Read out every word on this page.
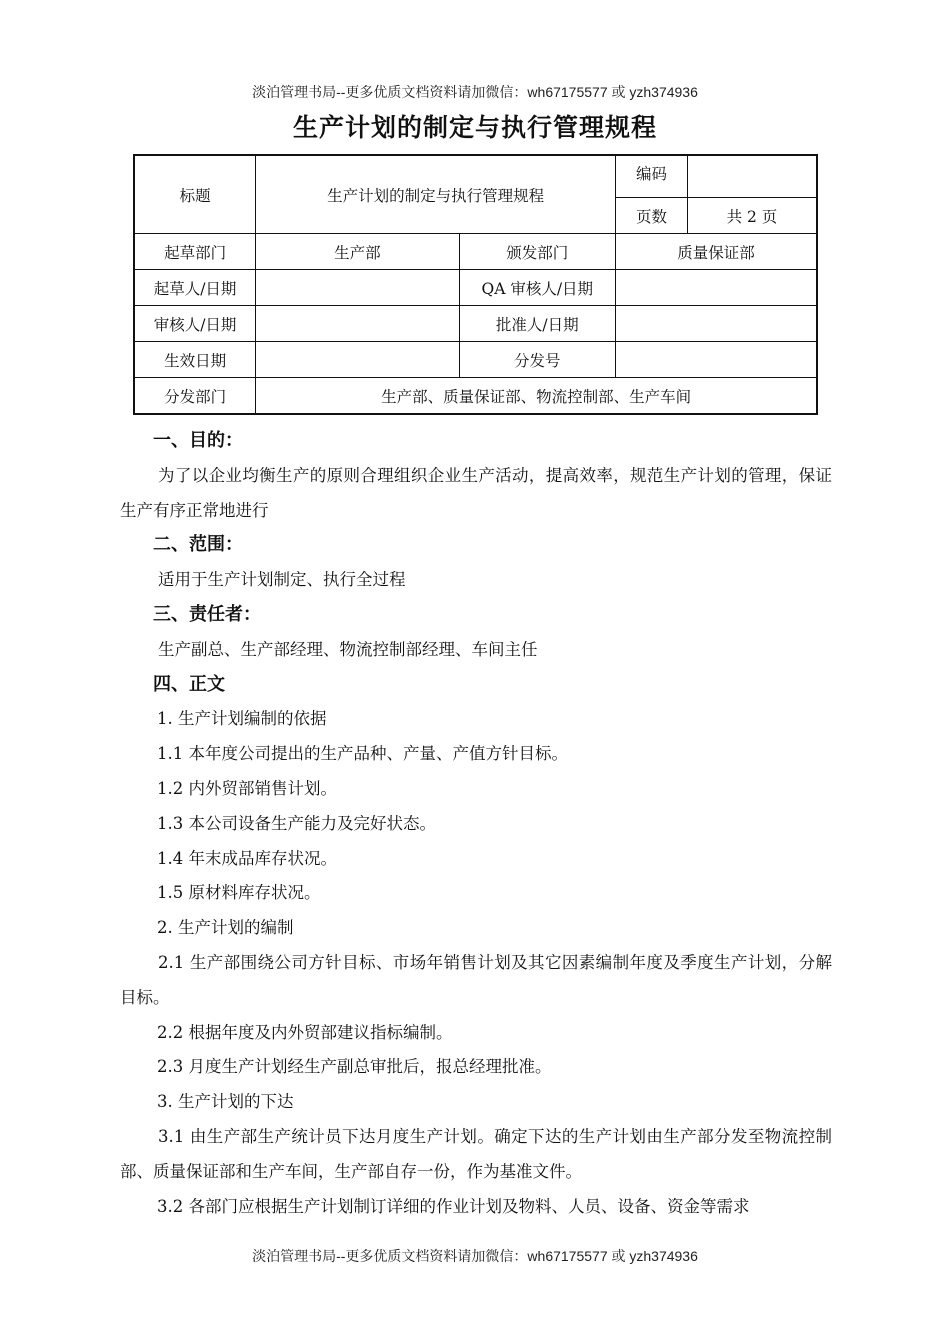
淡泊管理书局--更多优质文档资料请加微信：wh67175577 或 yzh374936
生产计划的制定与执行管理规程
标题	生产计划的制定与执行管理规程		编码	
			页数	共 2 页
起草部门	生产部	颁发部门	质量保证部	
起草人/日期		QA 审核人/日期		
审核人/日期		批准人/日期		
生效日期		分发号		
分发部门	生产部、质量保证部、物流控制部、生产车间			

一、目的：

为了以企业均衡生产的原则合理组织企业生产活动，提高效率，规范生产计划的管理，保证生产有序正常地进行

二、范围：

适用于生产计划制定、执行全过程

三、责任者：

生产副总、生产部经理、物流控制部经理、车间主任

四、正文

1. 生产计划编制的依据

1.1 本年度公司提出的生产品种、产量、产值方针目标。

1.2 内外贸部销售计划。

1.3 本公司设备生产能力及完好状态。

1.4 年末成品库存状况。

1.5 原材料库存状况。

2. 生产计划的编制

2.1 生产部围绕公司方针目标、市场年销售计划及其它因素编制年度及季度生产计划，分解目标。

2.2 根据年度及内外贸部建议指标编制。

2.3 月度生产计划经生产副总审批后，报总经理批准。

3. 生产计划的下达

3.1 由生产部生产统计员下达月度生产计划。确定下达的生产计划由生产部分发至物流控制部、质量保证部和生产车间，生产部自存一份，作为基准文件。

3.2 各部门应根据生产计划制订详细的作业计划及物料、人员、设备、资金等需求

淡泊管理书局--更多优质文档资料请加微信：wh67175577 或 yzh374936
